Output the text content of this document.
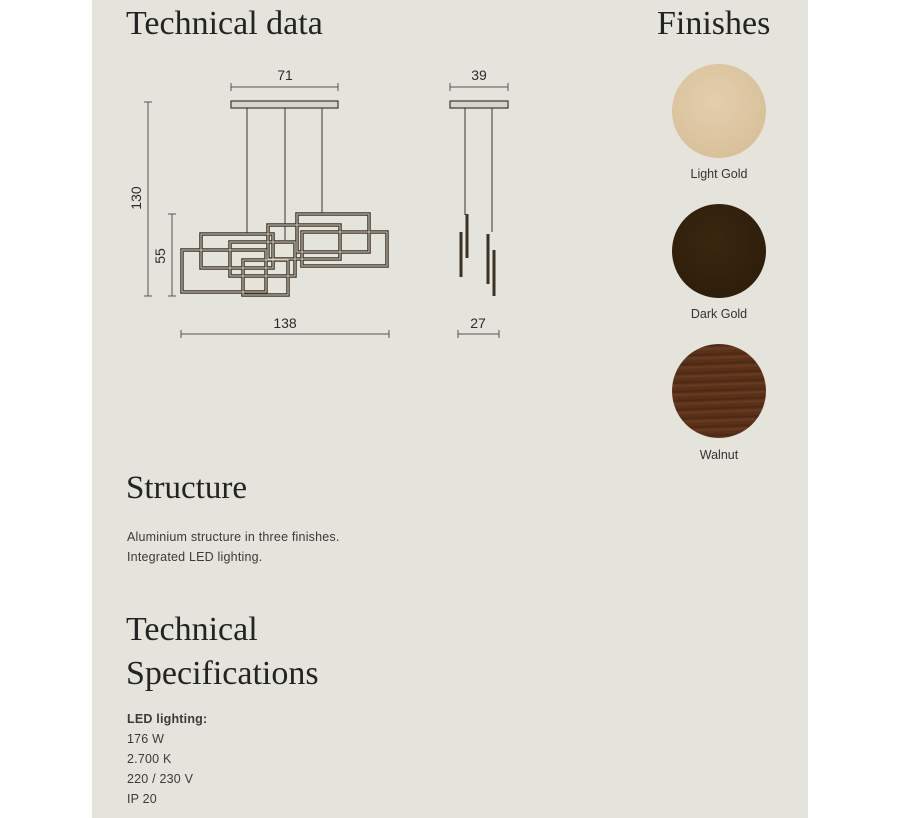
Technical data	Finishes
71	39
130
55
138	27
Light Gold
Dark Gold
Walnut
Structure
Aluminium structure in three finishes.
Integrated LED lighting.
Technical
Specifications
LED lighting:
176 W
2.700 K
220 / 230 V
IP 20
